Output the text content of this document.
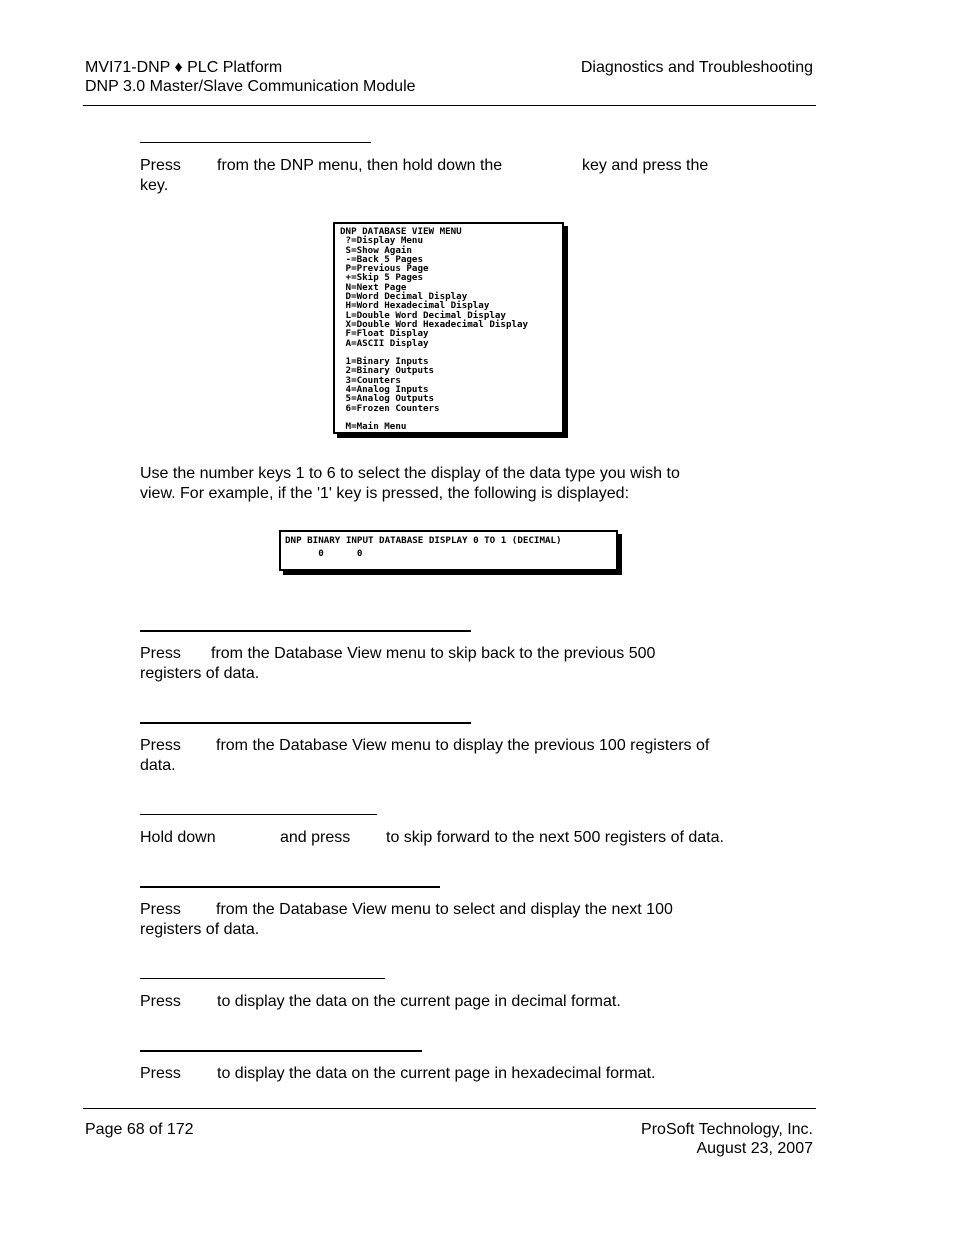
MVI71-DNP ♦ PLC Platform
DNP 3.0 Master/Slave Communication Module
Diagnostics and Troubleshooting
Press from the DNP menu, then hold down the	key and press the
key.
DNP DATABASE VIEW MENU
?=Display Menu
S=Show Again
-=Back 5 Pages
P=Previous Page
+=Skip 5 Pages
N=Next Page
D=Word Decimal Display
H=Word Hexadecimal Display
L=Double Word Decimal Display
X=Double Word Hexadecimal Display
F=Float Display
A=ASCII Display

1=Binary Inputs
2=Binary Outputs
3=Counters
4=Analog Inputs
5=Analog Outputs
6=Frozen Counters

M=Main Menu
Use the number keys 1 to 6 to select the display of the data type you wish to
view. For example, if the '1' key is pressed, the following is displayed:
DNP BINARY INPUT DATABASE DISPLAY 0 TO 1 (DECIMAL)
0      0
Press from the Database View menu to skip back to the previous 500
registers of data.
Press from the Database View menu to display the previous 100 registers of
data.
Hold down	and press to skip forward to the next 500 registers of data.
Press from the Database View menu to select and display the next 100
registers of data.
Press to display the data on the current page in decimal format.
Press to display the data on the current page in hexadecimal format.
Page 68 of 172	ProSoft Technology, Inc.
August 23, 2007
